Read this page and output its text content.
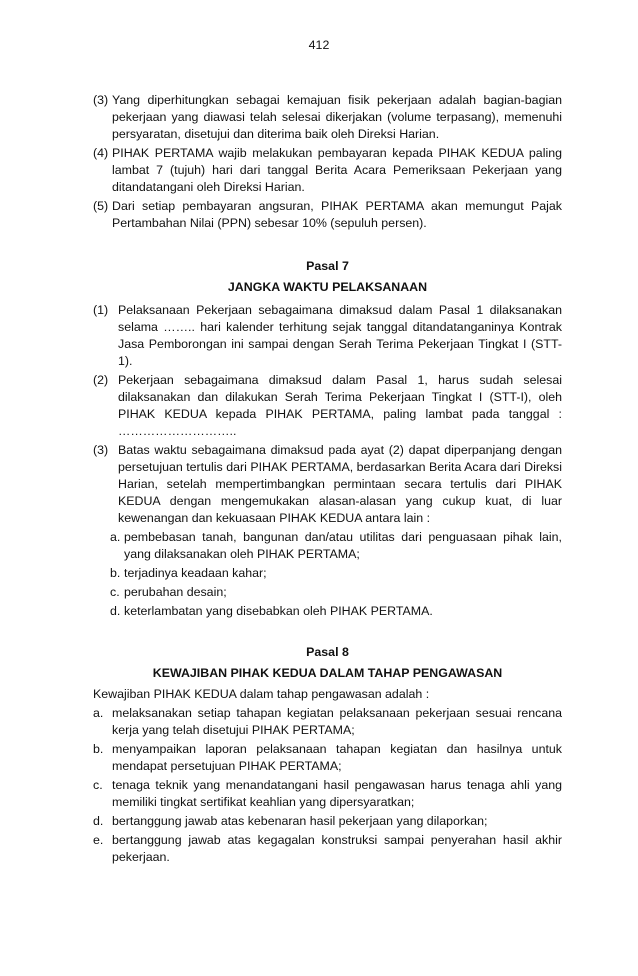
412
(3) Yang diperhitungkan sebagai kemajuan fisik pekerjaan adalah bagian-bagian pekerjaan yang diawasi telah selesai dikerjakan (volume terpasang), memenuhi persyaratan, disetujui dan diterima baik oleh Direksi Harian.
(4) PIHAK PERTAMA wajib melakukan pembayaran kepada PIHAK KEDUA paling lambat 7 (tujuh) hari dari tanggal Berita Acara Pemeriksaan Pekerjaan yang ditandatangani oleh Direksi Harian.
(5) Dari setiap pembayaran angsuran, PIHAK PERTAMA akan memungut Pajak Pertambahan Nilai (PPN) sebesar 10% (sepuluh persen).
Pasal 7
JANGKA WAKTU PELAKSANAAN
(1) Pelaksanaan Pekerjaan sebagaimana dimaksud dalam Pasal 1 dilaksanakan selama …….. hari kalender terhitung sejak tanggal ditandatanganinya Kontrak Jasa Pemborongan ini sampai dengan Serah Terima Pekerjaan Tingkat I (STT-1).
(2) Pekerjaan sebagaimana dimaksud dalam Pasal 1, harus sudah selesai dilaksanakan dan dilakukan Serah Terima Pekerjaan Tingkat I (STT-I), oleh PIHAK KEDUA kepada PIHAK PERTAMA, paling lambat pada tanggal : ………………………..
(3) Batas waktu sebagaimana dimaksud pada ayat (2) dapat diperpanjang dengan persetujuan tertulis dari PIHAK PERTAMA, berdasarkan Berita Acara dari Direksi Harian, setelah mempertimbangkan permintaan secara tertulis dari PIHAK KEDUA dengan mengemukakan alasan-alasan yang cukup kuat, di luar kewenangan dan kekuasaan PIHAK KEDUA antara lain :
a. pembebasan tanah, bangunan dan/atau utilitas dari penguasaan pihak lain, yang dilaksanakan oleh PIHAK PERTAMA;
b. terjadinya keadaan kahar;
c. perubahan desain;
d. keterlambatan yang disebabkan oleh PIHAK PERTAMA.
Pasal 8
KEWAJIBAN PIHAK KEDUA DALAM TAHAP PENGAWASAN
Kewajiban PIHAK KEDUA dalam tahap pengawasan adalah :
a. melaksanakan setiap tahapan kegiatan pelaksanaan pekerjaan sesuai rencana kerja yang telah disetujui PIHAK PERTAMA;
b. menyampaikan laporan pelaksanaan tahapan kegiatan dan hasilnya untuk mendapat persetujuan PIHAK PERTAMA;
c. tenaga teknik yang menandatangani hasil pengawasan harus tenaga ahli yang memiliki tingkat sertifikat keahlian yang dipersyaratkan;
d. bertanggung jawab atas kebenaran hasil pekerjaan yang dilaporkan;
e. bertanggung jawab atas kegagalan konstruksi sampai penyerahan hasil akhir pekerjaan.
